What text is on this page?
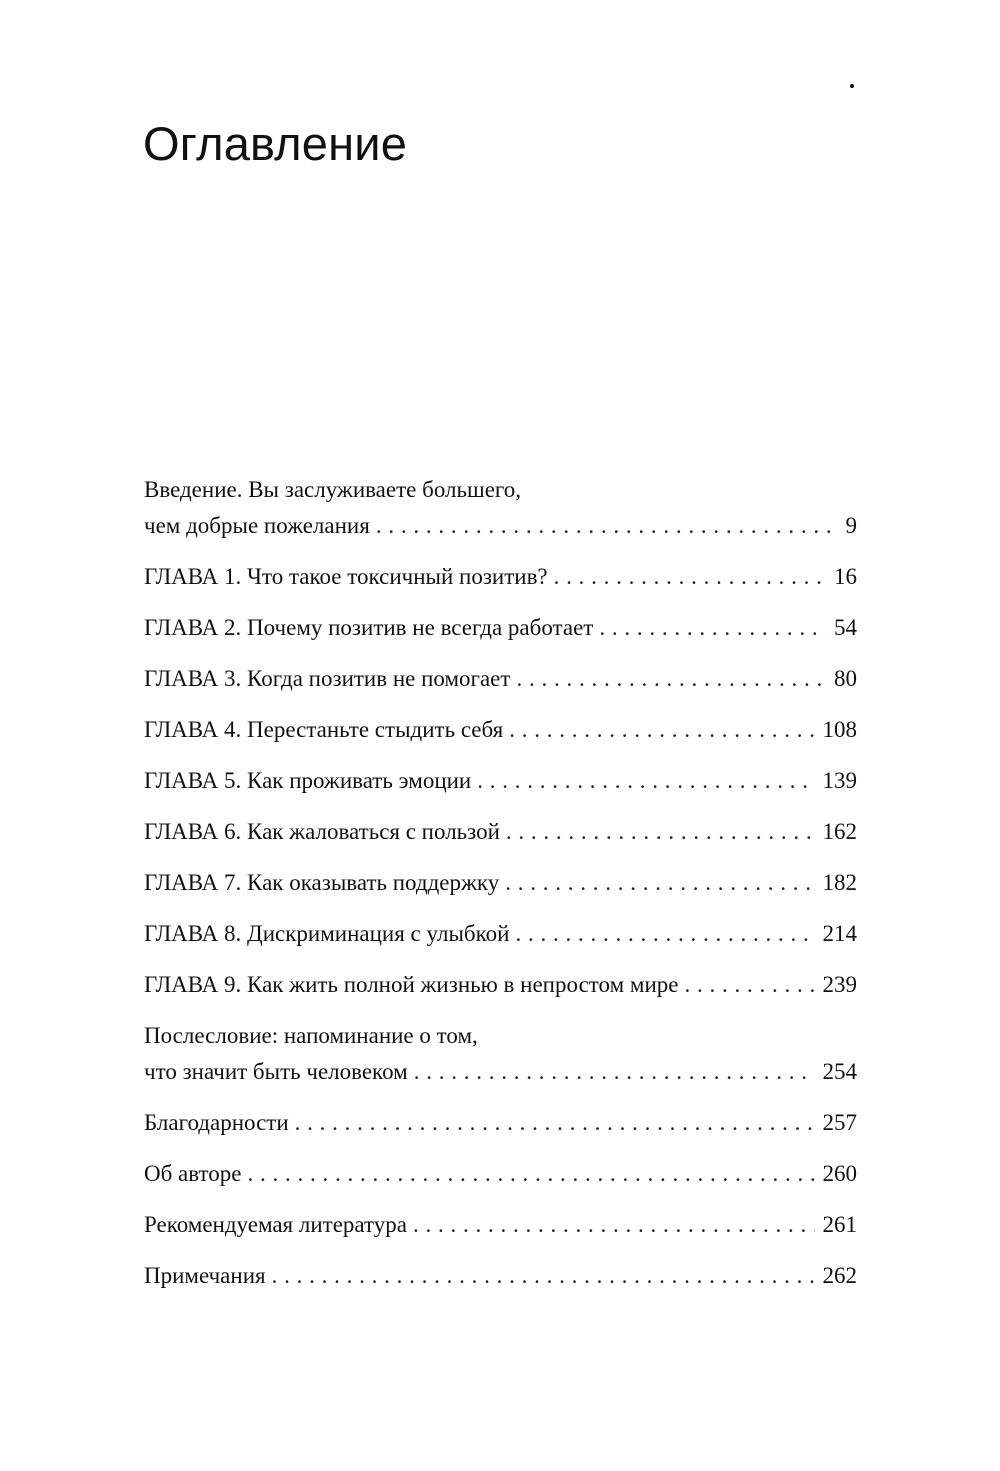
Оглавление
Введение. Вы заслуживаете большего,
чем добрые пожелания . . .	9
ГЛАВА 1. Что такое токсичный позитив? . . .	16
ГЛАВА 2. Почему позитив не всегда работает . . .	54
ГЛАВА 3. Когда позитив не помогает . . .	80
ГЛАВА 4. Перестаньте стыдить себя . . .	108
ГЛАВА 5. Как проживать эмоции . . .	139
ГЛАВА 6. Как жаловаться с пользой . . .	162
ГЛАВА 7. Как оказывать поддержку . . .	182
ГЛАВА 8. Дискриминация с улыбкой . . .	214
ГЛАВА 9. Как жить полной жизнью в непростом мире . . .	239
Послесловие: напоминание о том,
что значит быть человеком . . .	254
Благодарности . . .	257
Об авторе . . .	260
Рекомендуемая литература . . .	261
Примечания . . .	262
